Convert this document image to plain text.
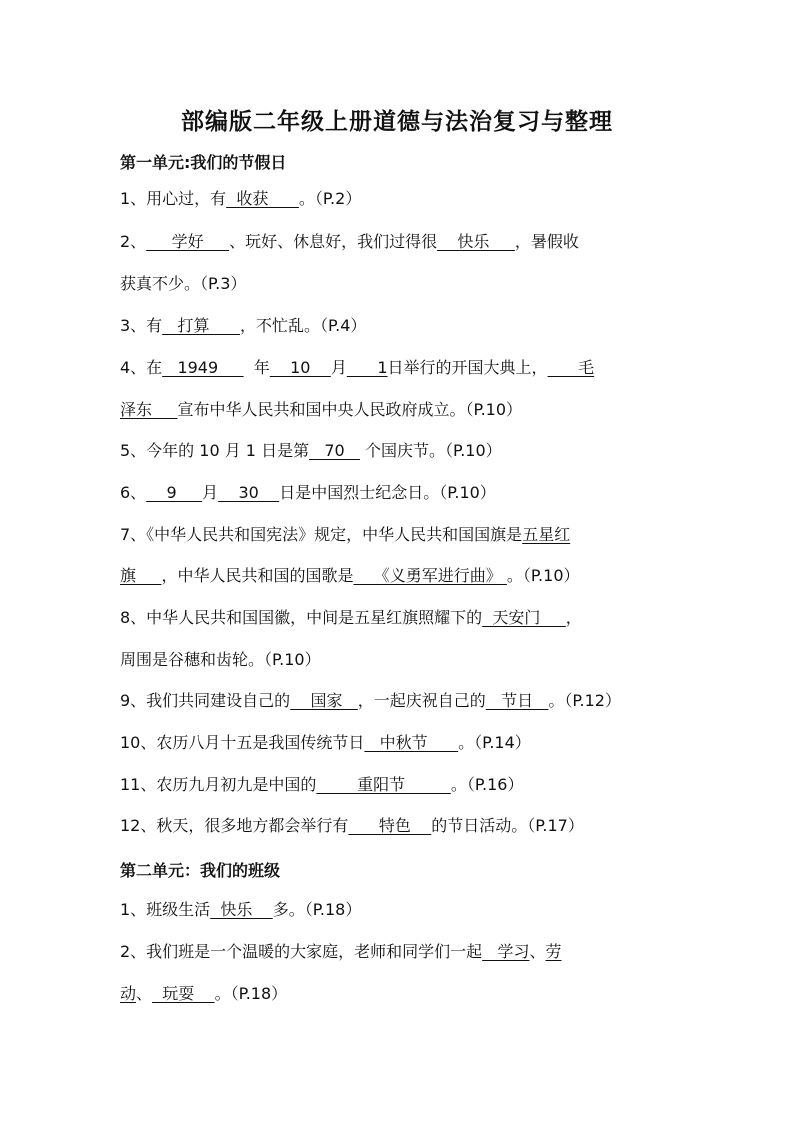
部编版二年级上册道德与法治复习与整理
第一单元:我们的节假日
第二单元：我们的班级
1、用心过，有  收获      。（P.2）
2、     学好     、玩好、休息好，我们过得很    快乐     ，暑假收
获真不少。（P.3）
3、有   打算      ，不忙乱。（P.4）
4、在   1949       年    10    月      1日举行的开国大典上，      毛
泽东     宣布中华人民共和国中央人民政府成立。（P.10）
5、今年的 10 月 1 日是第   70    个国庆节。（P.10）
6、    9     月    30    日是中国烈士纪念日。（P.10）
7、《中华人民共和国宪法》规定，中华人民共和国国旗是五星红
旗     ，中华人民共和国的国歌是    《义勇军进行曲》 。（P.10）
8、中华人民共和国国徽，中间是五星红旗照耀下的  天安门     ，
周围是谷穗和齿轮。（P.10）
9、我们共同建设自己的    国家   ，一起庆祝自己的   节日   。（P.12）
10、农历八月十五是我国传统节日   中秋节      。（P.14）
11、农历九月初九是中国的        重阳节         。（P.16）
12、秋天，很多地方都会举行有      特色    的节日活动。（P.17）
1、班级生活  快乐    多。（P.18）
2、我们班是一个温暖的大家庭，老师和同学们一起   学习、劳
动、  玩耍    。（P.18）
